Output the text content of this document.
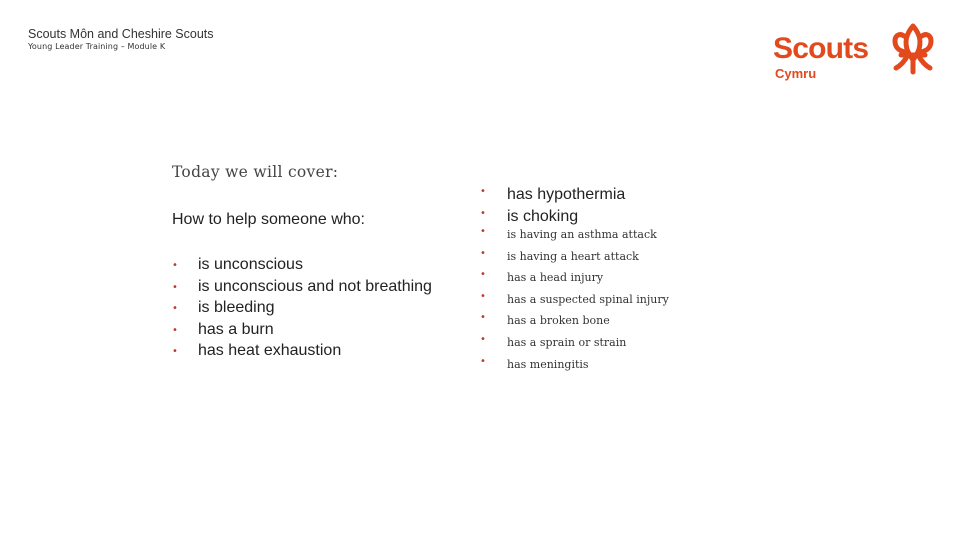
Scouts Môn and Cheshire Scouts
Young Leader Training – Module K	Scouts
Cymru
Today we will cover:
How to help someone who:
• is unconscious
• is unconscious and not breathing
• is bleeding
• has a burn
• has heat exhaustion
• has hypothermia
• is choking
• is having an asthma attack
• is having a heart attack
• has a head injury
• has a suspected spinal injury
• has a broken bone
• has a sprain or strain
• has meningitis
